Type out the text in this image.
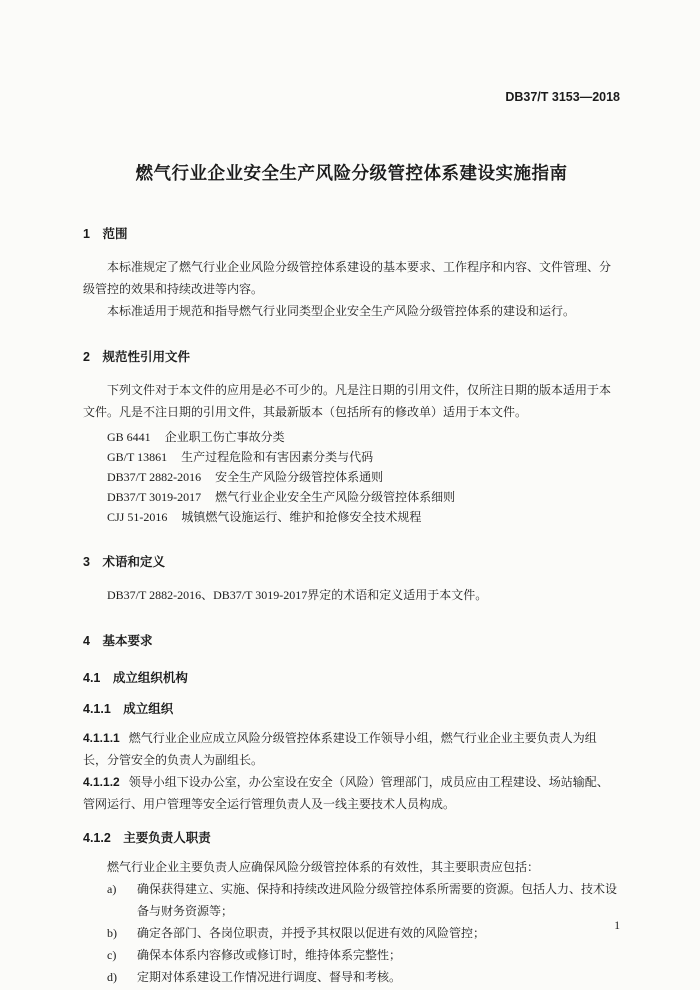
DB37/T 3153—2018
燃气行业企业安全生产风险分级管控体系建设实施指南
1　范围

本标准规定了燃气行业企业风险分级管控体系建设的基本要求、工作程序和内容、文件管理、分级管控的效果和持续改进等内容。

本标准适用于规范和指导燃气行业同类型企业安全生产风险分级管控体系的建设和运行。

2　规范性引用文件

下列文件对于本文件的应用是必不可少的。凡是注日期的引用文件，仅所注日期的版本适用于本文件。凡是不注日期的引用文件，其最新版本（包括所有的修改单）适用于本文件。

GB 6441 企业职工伤亡事故分类
GB/T 13861 生产过程危险和有害因素分类与代码
DB37/T 2882-2016 安全生产风险分级管控体系通则
DB37/T 3019-2017 燃气行业企业安全生产风险分级管控体系细则
CJJ 51-2016 城镇燃气设施运行、维护和抢修安全技术规程
3　术语和定义

DB37/T 2882-2016、DB37/T 3019-2017界定的术语和定义适用于本文件。

4　基本要求
4.1　成立组织机构
4.1.1　成立组织

4.1.1.1 燃气行业企业应成立风险分级管控体系建设工作领导小组，燃气行业企业主要负责人为组长，分管安全的负责人为副组长。

4.1.1.2 领导小组下设办公室，办公室设在安全（风险）管理部门，成员应由工程建设、场站输配、管网运行、用户管理等安全运行管理负责人及一线主要技术人员构成。

4.1.2　主要负责人职责

燃气行业企业主要负责人应确保风险分级管控体系的有效性，其主要职责应包括：

a)	确保获得建立、实施、保持和持续改进风险分级管控体系所需要的资源。包括人力、技术设备与财务资源等；
b)	确定各部门、各岗位职责，并授予其权限以促进有效的风险管控；
c)	确保本体系内容修改或修订时，维持体系完整性；
d)	定期对体系建设工作情况进行调度、督导和考核。
1
